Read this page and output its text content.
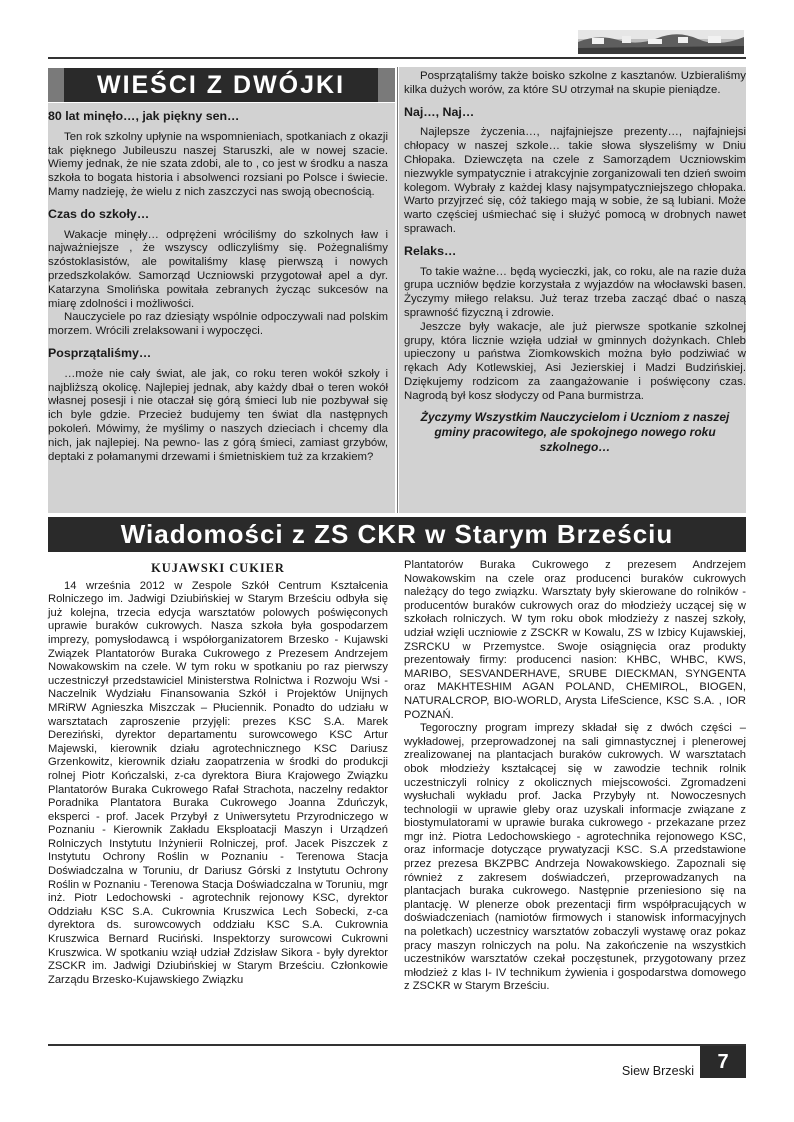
WIEŚCI Z DWÓJKI
80 lat minęło…, jak piękny sen…

Ten rok szkolny upłynie na wspomnieniach, spotkaniach z okazji tak pięknego Jubileuszu naszej Staruszki, ale w nowej szacie. Wiemy jednak, że nie szata zdobi, ale to , co jest w środku a nasza szkoła to bogata historia i absolwenci rozsiani po Polsce i świecie. Mamy nadzieję, że wielu z nich zaszczyci nas swoją obecnością.

Czas do szkoły…

Wakacje minęły… odprężeni wróciliśmy do szkolnych ław i najważniejsze , że wszyscy odliczyliśmy się. Pożegnaliśmy szóstoklasistów, ale powitaliśmy klasę pierwszą i nowych przedszkolaków. Samorząd Uczniowski przygotował apel a dyr. Katarzyna Smolińska powitała zebranych życząc sukcesów na miarę zdolności i możliwości.

Nauczyciele po raz dziesiąty wspólnie odpoczywali nad polskim morzem. Wrócili zrelaksowani i wypoczęci.

Posprzątaliśmy…

…może nie cały świat, ale jak, co roku teren wokół szkoły i najbliższą okolicę. Najlepiej jednak, aby każdy dbał o teren wokół własnej posesji i nie otaczał się górą śmieci lub nie pozbywał się ich byle gdzie. Przecież budujemy ten świat dla następnych pokoleń. Mówimy, że myślimy o naszych dzieciach i chcemy dla nich, jak najlepiej. Na pewno- las z górą śmieci, zamiast grzybów, deptaki z połamanymi drzewami i śmietniskiem tuż za krzakiem?

Posprzątaliśmy także boisko szkolne z kasztanów. Uzbieraliśmy kilka dużych worów, za które SU otrzymał na skupie pieniądze.

Naj…, Naj…

Najlepsze życzenia…, najfajniejsze prezenty…, najfajniejsi chłopacy w naszej szkole… takie słowa słyszeliśmy w Dniu Chłopaka. Dziewczęta na czele z Samorządem Uczniowskim niezwykle sympatycznie i atrakcyjnie zorganizowali ten dzień swoim kolegom. Wybrały z każdej klasy najsympatyczniejszego chłopaka. Warto przyjrzeć się, cóż takiego mają w sobie, że są lubiani. Może warto częściej uśmiechać się i służyć pomocą w drobnych nawet sprawach.

Relaks…

To takie ważne… będą wycieczki, jak, co roku, ale na razie duża grupa uczniów będzie korzystała z wyjazdów na włocławski basen. Życzymy miłego relaksu. Już teraz trzeba zacząć dbać o naszą sprawność fizyczną i zdrowie.

Jeszcze były wakacje, ale już pierwsze spotkanie szkolnej grupy, która licznie wzięła udział w gminnych dożynkach. Chleb upieczony u państwa Ziomkowskich można było podziwiać w rękach Ady Kotlewskiej, Asi Jezierskiej i Madzi Budzińskiej. Dziękujemy rodzicom za zaangażowanie i poświęcony czas. Nagrodą był kosz słodyczy od Pana burmistrza.

Życzymy Wszystkim Nauczycielom i Uczniom z naszej gminy pracowitego, ale spokojnego nowego roku szkolnego…

Wiadomości z ZS CKR w Starym Brześciu

KUJAWSKI CUKIER

14 września 2012 w Zespole Szkół Centrum Kształcenia Rolniczego im. Jadwigi Dziubińskiej w Starym Brześciu odbyła się już kolejna, trzecia edycja warsztatów polowych poświęconych uprawie buraków cukrowych. Nasza szkoła była gospodarzem imprezy, pomysłodawcą i współorganizatorem Brzesko - Kujawski Związek Plantatorów Buraka Cukrowego z Prezesem Andrzejem Nowakowskim na czele. W tym roku w spotkaniu po raz pierwszy uczestniczył przedstawiciel Ministerstwa Rolnictwa i Rozwoju Wsi - Naczelnik Wydziału Finansowania Szkół i Projektów Unijnych MRiRW Agnieszka Miszczak – Płuciennik. Ponadto do udziału w warsztatach zaproszenie przyjęli: prezes KSC S.A. Marek Dereziński, dyrektor departamentu surowcowego KSC Artur Majewski, kierownik działu agrotechnicznego KSC Dariusz Grzenkowitz, kierownik działu zaopatrzenia w środki do produkcji rolnej Piotr Kończalski, z-ca dyrektora Biura Krajowego Związku Plantatorów Buraka Cukrowego Rafał Strachota, naczelny redaktor Poradnika Plantatora Buraka Cukrowego Joanna Zduńczyk, eksperci - prof. Jacek Przybył z Uniwersytetu Przyrodniczego w Poznaniu - Kierownik Zakładu Eksploatacji Maszyn i Urządzeń Rolniczych Instytutu Inżynierii Rolniczej, prof. Jacek Piszczek z Instytutu Ochrony Roślin w Poznaniu - Terenowa Stacja Doświadczalna w Toruniu, dr Dariusz Górski z Instytutu Ochrony Roślin w Poznaniu - Terenowa Stacja Doświadczalna w Toruniu, mgr inż. Piotr Ledochowski - agrotechnik rejonowy KSC, dyrektor Oddziału KSC S.A. Cukrownia Kruszwica Lech Sobecki, z-ca dyrektora ds. surowcowych oddziału KSC S.A. Cukrownia Kruszwica Bernard Ruciński. Inspektorzy surowcowi Cukrowni Kruszwica. W spotkaniu wziął udział Zdzisław Sikora - były dyrektor ZSCKR im. Jadwigi Dziubińskiej w Starym Brześciu. Członkowie Zarządu Brzesko-Kujawskiego Związku

Plantatorów Buraka Cukrowego z prezesem Andrzejem Nowakowskim na czele oraz producenci buraków cukrowych należący do tego związku. Warsztaty były skierowane do rolników - producentów buraków cukrowych oraz do młodzieży uczącej się w szkołach rolniczych. W tym roku obok młodzieży z naszej szkoły, udział wzięli uczniowie z ZSCKR w Kowalu, ZS w Izbicy Kujawskiej, ZSRCKU w Przemystce. Swoje osiągnięcia oraz produkty prezentowały firmy: producenci nasion: KHBC, WHBC, KWS, MARIBO, SESVANDERHAVE, SRUBE DIECKMAN, SYNGENTA oraz MAKHTESHIM AGAN POLAND, CHEMIROL, BIOGEN, NATURALCROP, BIO-WORLD, Arysta LifeScience, KSC S.A. , IOR POZNAŃ.

Tegoroczny program imprezy składał się z dwóch części – wykładowej, przeprowadzonej na sali gimnastycznej i plenerowej zrealizowanej na plantacjach buraków cukrowych. W warsztatach obok młodzieży kształcącej się w zawodzie technik rolnik uczestniczyli rolnicy z okolicznych miejscowości. Zgromadzeni wysłuchali wykładu prof. Jacka Przybyły nt. Nowoczesnych technologii w uprawie gleby oraz uzyskali informacje związane z biostymulatorami w uprawie buraka cukrowego - przekazane przez mgr inż. Piotra Ledochowskiego - agrotechnika rejonowego KSC, oraz informacje dotyczące prywatyzacji KSC. S.A przedstawione przez prezesa BKZPBC Andrzeja Nowakowskiego. Zapoznali się również z zakresem doświadczeń, przeprowadzanych na plantacjach buraka cukrowego. Następnie przeniesiono się na plantację. W plenerze obok prezentacji firm współpracujących w doświadczeniach (namiotów firmowych i stanowisk informacyjnych na poletkach) uczestnicy warsztatów zobaczyli wystawę oraz pokaz pracy maszyn rolniczych na polu. Na zakończenie na wszystkich uczestników warsztatów czekał poczęstunek, przygotowany przez młodzież z klas I- IV technikum żywienia i gospodarstwa domowego z ZSCKR w Starym Brześciu.

Siew Brzeski	7
